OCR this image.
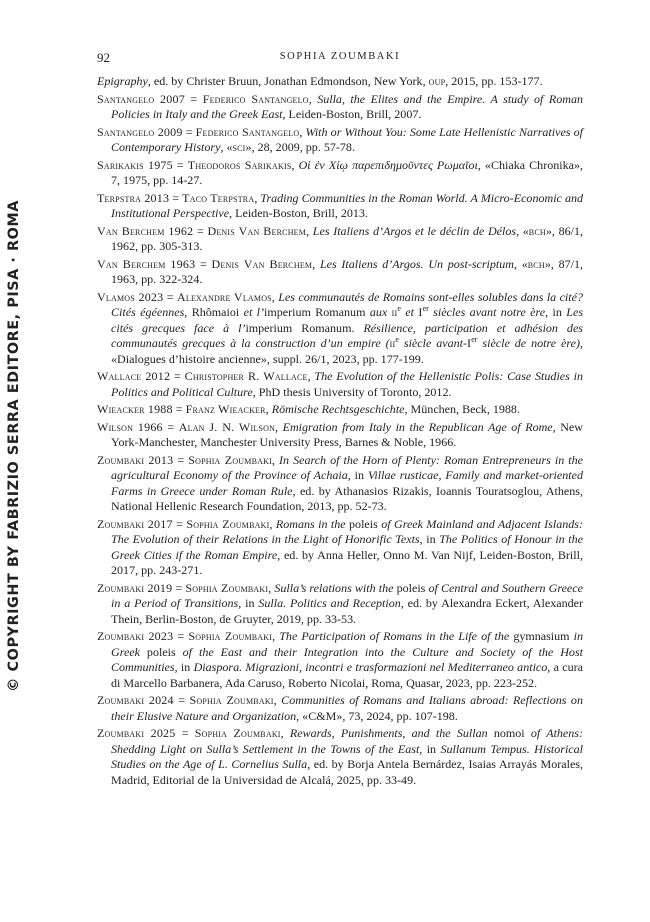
© COPYRIGHT BY FABRIZIO SERRA EDITORE, PISA · ROMA
92	SOPHIA ZOUMBAKI

Epigraphy, ed. by Christer Bruun, Jonathan Edmondson, New York, oup, 2015, pp. 153-177.

Santangelo 2007 = Federico Santangelo, Sulla, the Elites and the Empire. A study of Roman Policies in Italy and the Greek East, Leiden-Boston, Brill, 2007.

Santangelo 2009 = Federico Santangelo, With or Without You: Some Late Hellenistic Narratives of Contemporary History, «sci», 28, 2009, pp. 57-78.

Sarikakis 1975 = Theodoros Sarikakis, Oἱ ἐν Χίῳ παρεπιδημοῦντες Ρωμαῖοι, «Chiaka Chronika», 7, 1975, pp. 14-27.

Terpstra 2013 = Taco Terpstra, Trading Communities in the Roman World. A Micro-Economic and Institutional Perspective, Leiden-Boston, Brill, 2013.

Van Berchem 1962 = Denis Van Berchem, Les Italiens d’Argos et le déclin de Délos, «bch», 86/1, 1962, pp. 305-313.

Van Berchem 1963 = Denis Van Berchem, Les Italiens d’Argos. Un post-scriptum, «bch», 87/1, 1963, pp. 322-324.

Vlamos 2023 = Alexandre Vlamos, Les communautés de Romains sont-elles solubles dans la cité? Cités égéennes, Rhômaioi et l’imperium Romanum aux $ii^e$ et Ier siècles avant notre ère, in Les cités grecques face à l’imperium Romanum. Résilience, participation et adhésion des communautés grecques à la construction d’un empire ($ii^e$ siècle avant-Ier siècle de notre ère), «Dialogues d’histoire ancienne», suppl. 26/1, 2023, pp. 177-199.

Wallace 2012 = Christopher R. Wallace, The Evolution of the Hellenistic Polis: Case Studies in Politics and Political Culture, PhD thesis University of Toronto, 2012.

Wieacker 1988 = Franz Wieacker, Römische Rechtsgeschichte, München, Beck, 1988.

Wilson 1966 = Alan J. N. Wilson, Emigration from Italy in the Republican Age of Rome, New York-Manchester, Manchester University Press, Barnes & Noble, 1966.

Zoumbaki 2013 = Sophia Zoumbaki, In Search of the Horn of Plenty: Roman Entrepreneurs in the agricultural Economy of the Province of Achaia, in Villae rusticae, Family and market-oriented Farms in Greece under Roman Rule, ed. by Athanasios Rizakis, Ioannis Touratsoglou, Athens, National Hellenic Research Foundation, 2013, pp. 52-73.

Zoumbaki 2017 = Sophia Zoumbaki, Romans in the poleis of Greek Mainland and Adjacent Islands: The Evolution of their Relations in the Light of Honorific Texts, in The Politics of Honour in the Greek Cities if the Roman Empire, ed. by Anna Heller, Onno M. Van Nijf, Leiden-Boston, Brill, 2017, pp. 243-271.

Zoumbaki 2019 = Sophia Zoumbaki, Sulla’s relations with the poleis of Central and Southern Greece in a Period of Transitions, in Sulla. Politics and Reception, ed. by Alexandra Eckert, Alexander Thein, Berlin-Boston, de Gruyter, 2019, pp. 33-53.

Zoumbaki 2023 = Sophia Zoumbaki, The Participation of Romans in the Life of the gymnasium in Greek poleis of the East and their Integration into the Culture and Society of the Host Communities, in Diaspora. Migrazioni, incontri e trasformazioni nel Mediterraneo antico, a cura di Marcello Barbanera, Ada Caruso, Roberto Nicolai, Roma, Quasar, 2023, pp. 223-252.

Zoumbaki 2024 = Sophia Zoumbaki, Communities of Romans and Italians abroad: Reflections on their Elusive Nature and Organization, «C&M», 73, 2024, pp. 107-198.

Zoumbaki 2025 = Sophia Zoumbaki, Rewards, Punishments, and the Sullan nomoi of Athens: Shedding Light on Sulla’s Settlement in the Towns of the East, in Sullanum Tempus. Historical Studies on the Age of L. Cornelius Sulla, ed. by Borja Antela Bernárdez, Isaias Arrayás Morales, Madrid, Editorial de la Universidad de Alcalá, 2025, pp. 33-49.
